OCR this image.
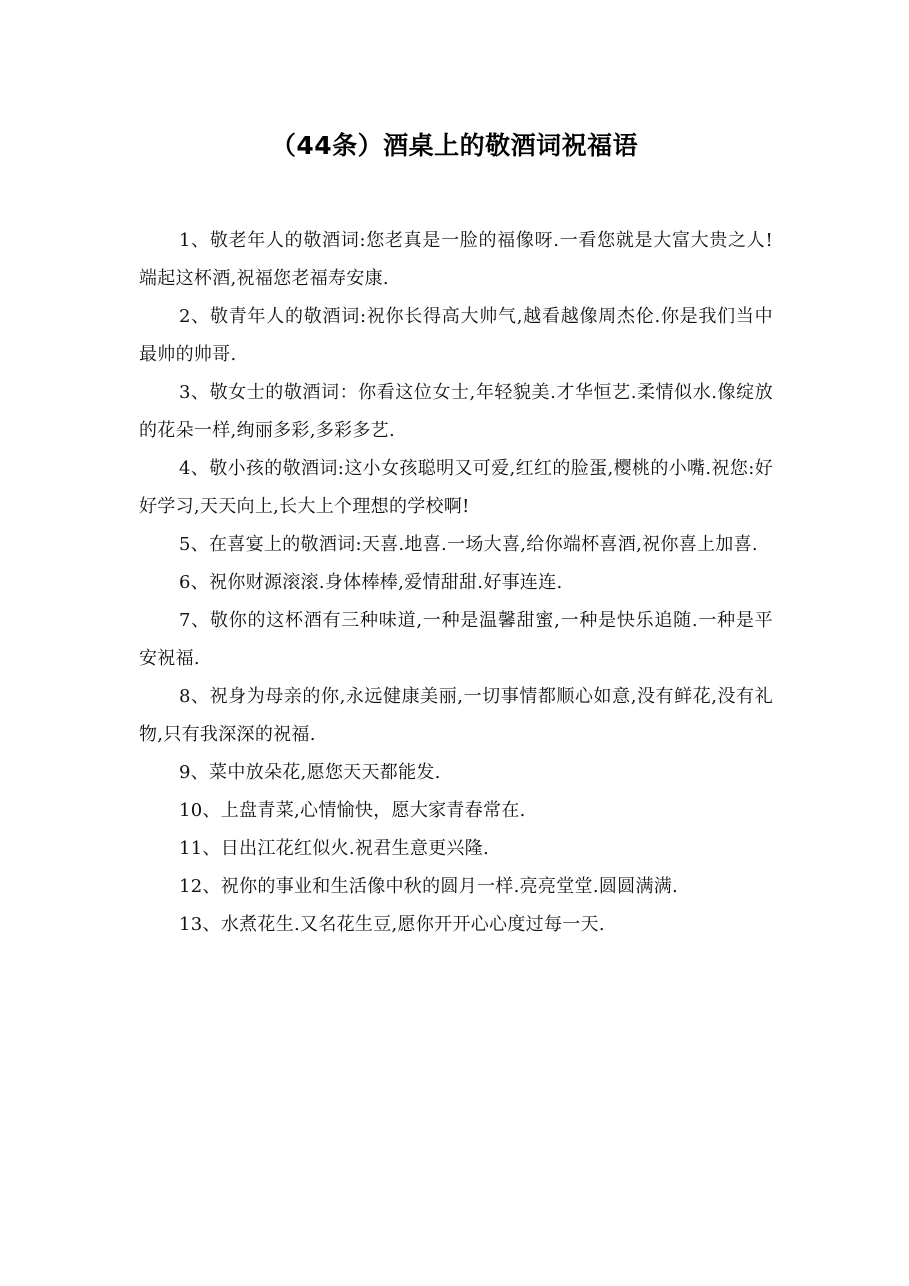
（44条）酒桌上的敬酒词祝福语

1、敬老年人的敬酒词:您老真是一脸的福像呀.一看您就是大富大贵之人!端起这杯酒,祝福您老福寿安康.

2、敬青年人的敬酒词:祝你长得高大帅气,越看越像周杰伦.你是我们当中最帅的帅哥.

3、敬女士的敬酒词：你看这位女士,年轻貌美.才华恒艺.柔情似水.像绽放的花朵一样,绚丽多彩,多彩多艺.

4、敬小孩的敬酒词:这小女孩聪明又可爱,红红的脸蛋,樱桃的小嘴.祝您:好好学习,天天向上,长大上个理想的学校啊!

5、在喜宴上的敬酒词:天喜.地喜.一场大喜,给你端杯喜酒,祝你喜上加喜.

6、祝你财源滚滚.身体棒棒,爱情甜甜.好事连连.

7、敬你的这杯酒有三种味道,一种是温馨甜蜜,一种是快乐追随.一种是平安祝福.

8、祝身为母亲的你,永远健康美丽,一切事情都顺心如意,没有鲜花,没有礼物,只有我深深的祝福.

9、菜中放朵花,愿您天天都能发.

10、上盘青菜,心情愉快，愿大家青春常在.

11、日出江花红似火.祝君生意更兴隆.

12、祝你的事业和生活像中秋的圆月一样.亮亮堂堂.圆圆满满.

13、水煮花生.又名花生豆,愿你开开心心度过每一天.
